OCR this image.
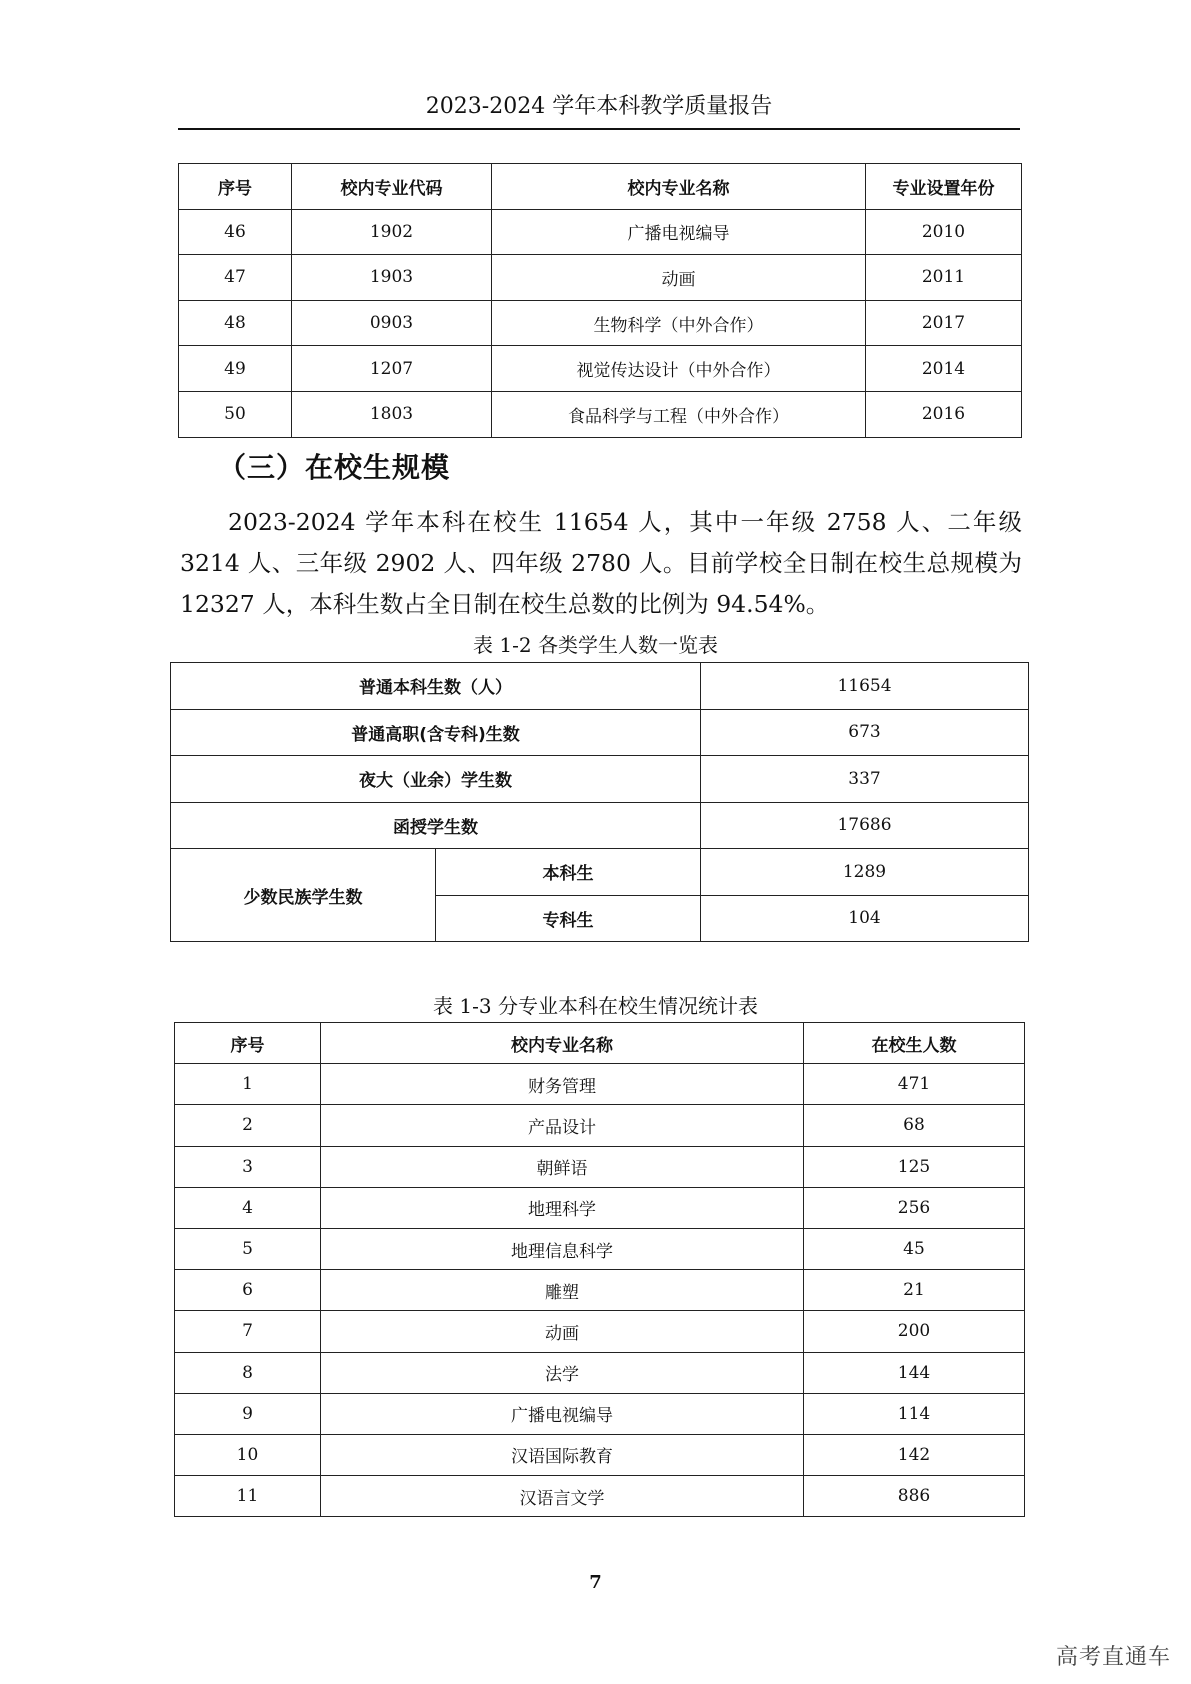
2023-2024 学年本科教学质量报告
序号	校内专业代码	校内专业名称	专业设置年份
46	1902	广播电视编导	2010
47	1903	动画	2011
48	0903	生物科学（中外合作）	2017
49	1207	视觉传达设计（中外合作）	2014
50	1803	食品科学与工程（中外合作）	2016
（三）在校生规模
2023-2024 学年本科在校生 11654 人，其中一年级 2758 人、二年级 3214 人、三年级 2902 人、四年级 2780 人。目前学校全日制在校生总规模为 12327 人，本科生数占全日制在校生总数的比例为 94.54%。
表 1-2 各类学生人数一览表
普通本科生数（人）		11654
普通高职(含专科)生数		673
夜大（业余）学生数		337
函授学生数		17686
少数民族学生数	本科生	1289
	专科生	104
表 1-3 分专业本科在校生情况统计表
序号	校内专业名称	在校生人数
1	财务管理	471
2	产品设计	68
3	朝鲜语	125
4	地理科学	256
5	地理信息科学	45
6	雕塑	21
7	动画	200
8	法学	144
9	广播电视编导	114
10	汉语国际教育	142
11	汉语言文学	886
7
高考直通车
